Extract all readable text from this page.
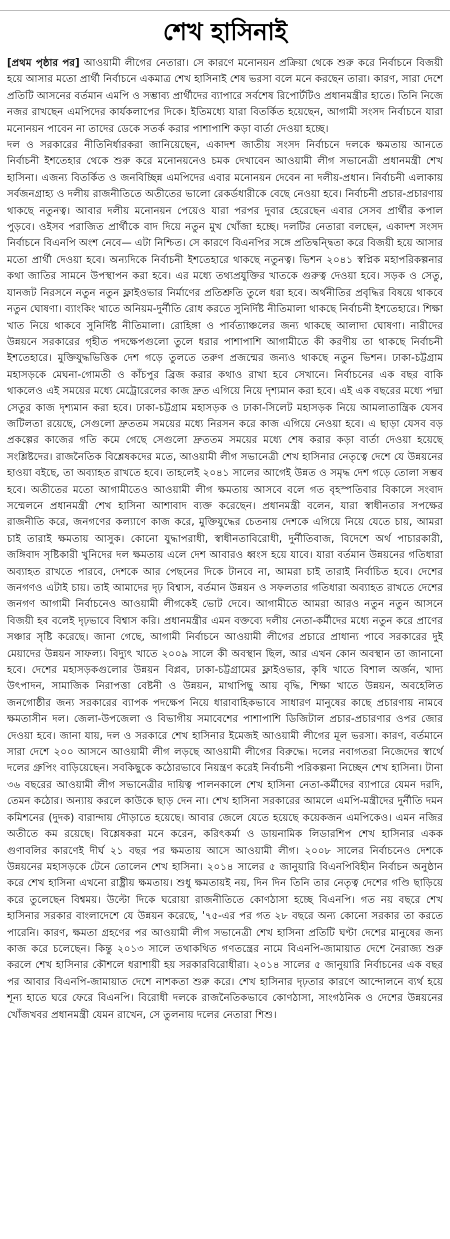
শেখ হাসিনাই

[প্রথম পৃষ্ঠার পর] আওয়ামী লীগের নেতারা। সে কারণে মনোনয়ন প্রক্রিয়া থেকে শুরু করে নির্বাচনে বিজয়ী হয়ে আসার মতো প্রার্থী নির্বাচনে একমাত্র শেখ হাসিনাই শেষ ভরসা বলে মনে করছেন তারা। কারণ, সারা দেশে প্রতিটি আসনের বর্তমান এমপি ও সম্ভাব্য প্রার্থীদের ব্যাপারে সর্বশেষ রিপোর্টটিও প্রধানমন্ত্রীর হাতে। তিনি নিজে নজর রাখছেন এমপিদের কার্যকলাপের দিকে। ইতিমধ্যে যারা বিতর্কিত হয়েছেন, আগামী সংসদ নির্বাচনে যারা মনোনয়ন পাবেন না তাদের ডেকে সতর্ক করার পাশাপাশি কড়া বার্তা দেওয়া হচ্ছে।

দল ও সরকারের নীতিনির্ধারকরা জানিয়েছেন, একাদশ জাতীয় সংসদ নির্বাচনে দলকে ক্ষমতায় আনতে নির্বাচনী ইশতেহার থেকে শুরু করে মনোনয়নেও চমক দেখাবেন আওয়ামী লীগ সভানেত্রী প্রধানমন্ত্রী শেখ হাসিনা। এজন্য বিতর্কিত ও জনবিচ্ছিন্ন এমপিদের এবার মনোনয়ন দেবেন না দলীয়-প্রধান। নির্বাচনী এলাকায় সর্বজনগ্রাহ্য ও দলীয় রাজনীতিতে অতীতের ভালো রেকর্ডধারীকে বেছে নেওয়া হবে। নির্বাচনী প্রচার-প্রচারণায় থাকছে নতুনত্ব। আবার দলীয় মনোনয়ন পেয়েও যারা পরপর দুবার হেরেছেন এবার সেসব প্রার্থীর কপাল পুড়বে। ওইসব পরাজিত প্রার্থীকে বাদ দিয়ে নতুন মুখ খোঁজা হচ্ছে। দলটির নেতারা বলছেন, একাদশ সংসদ নির্বাচনে বিএনপি অংশ নেবে— এটা নিশ্চিত। সে কারণে বিএনপির সঙ্গে প্রতিদ্বন্দ্বিতা করে বিজয়ী হয়ে আসার মতো প্রার্থী দেওয়া হবে। অন্যদিকে নির্বাচনী ইশতেহারে থাকছে নতুনত্ব। ভিশন ২০৪১ স্বপ্নিক মহাপরিকল্পনার কথা জাতির সামনে উপস্থাপন করা হবে। এর মধ্যে তথ্যপ্রযুক্তির খাতকে গুরুত্ব দেওয়া হবে। সড়ক ও সেতু, যানজট নিরসনে নতুন নতুন ফ্লাইওভার নির্মাণের প্রতিশ্রুতি তুলে ধরা হবে। অর্থনীতির প্রবৃদ্ধির বিষয়ে থাকবে নতুন ঘোষণা। ব্যাংকিং খাতে অনিয়ম-দুর্নীতি রোধ করতে সুনির্দিষ্ট নীতিমালা থাকছে নির্বাচনী ইশতেহারে। শিক্ষা খাত নিয়ে থাকবে সুনির্দিষ্ট নীতিমালা। রোহিঙ্গা ও পার্বত্যাঞ্চলের জন্য থাকছে আলাদা ঘোষণা। নারীদের উন্নয়নে সরকারের গৃহীত পদক্ষেপগুলো তুলে ধরার পাশাপাশি আগামীতে কী করণীয় তা থাকছে নির্বাচনী ইশতেহারে। মুক্তিযুদ্ধভিত্তিক দেশ গড়ে তুলতে তরুণ প্রজন্মের জন্যও থাকছে নতুন ভিশন। ঢাকা-চট্টগ্রাম মহাসড়কে মেঘনা-গোমতী ও কাঁচপুর ব্রিজ করার কথাও রাখা হবে সেখানে। নির্বাচনের এক বছর বাকি থাকলেও এই সময়ের মধ্যে মেট্রোরেলের কাজ দ্রুত এগিয়ে নিয়ে দৃশ্যমান করা হবে। এই এক বছরের মধ্যে পদ্মা সেতুর কাজ দৃশ্যমান করা হবে। ঢাকা-চট্টগ্রাম মহাসড়ক ও ঢাকা-সিলেট মহাসড়ক নিয়ে আমলাতান্ত্রিক যেসব জটিলতা রয়েছে, সেগুলো দ্রুততম সময়ের মধ্যে নিরসন করে কাজ এগিয়ে নেওয়া হবে। এ ছাড়া যেসব বড় প্রকল্পের কাজের গতি কমে গেছে সেগুলো দ্রুততম সময়ের মধ্যে শেষ করার কড়া বার্তা দেওয়া হয়েছে সংশ্লিষ্টদের। রাজনৈতিক বিশ্লেষকদের মতে, আওয়ামী লীগ সভানেত্রী শেখ হাসিনার নেতৃত্বে দেশে যে উন্নয়নের হাওয়া বইছে, তা অব্যাহত রাখতে হবে। তাহলেই ২০৪১ সালের আগেই উন্নত ও সমৃদ্ধ দেশ গড়ে তোলা সম্ভব হবে। অতীতের মতো আগামীতেও আওয়ামী লীগ ক্ষমতায় আসবে বলে গত বৃহস্পতিবার বিকালে সংবাদ সম্মেলনে প্রধানমন্ত্রী শেখ হাসিনা আশাবাদ ব্যক্ত করেছেন। প্রধানমন্ত্রী বলেন, যারা স্বাধীনতার সপক্ষের রাজনীতি করে, জনগণের কল্যাণে কাজ করে, মুক্তিযুদ্ধের চেতনায় দেশকে এগিয়ে নিয়ে যেতে চায়, আমরা চাই তারাই ক্ষমতায় আসুক। কোনো যুদ্ধাপরাধী, স্বাধীনতাবিরোধী, দুর্নীতিবাজ, বিদেশে অর্থ পাচারকারী, জঙ্গিবাদ সৃষ্টিকারী খুনিদের দল ক্ষমতায় এলে দেশ আবারও ধ্বংস হয়ে যাবে। যারা বর্তমান উন্নয়নের গতিধারা অব্যাহত রাখতে পারবে, দেশকে আর পেছনের দিকে টানবে না, আমরা চাই তারাই নির্বাচিত হবে। দেশের জনগণও এটাই চায়। তাই আমাদের দৃঢ় বিশ্বাস, বর্তমান উন্নয়ন ও সফলতার গতিধারা অব্যাহত রাখতে দেশের জনগণ আগামী নির্বাচনেও আওয়ামী লীগকেই ভোট দেবে। আগামীতে আমরা আরও নতুন নতুন আসনে বিজয়ী হব বলেই দৃঢ়ভাবে বিশ্বাস করি। প্রধানমন্ত্রীর এমন বক্তব্যে দলীয় নেতা-কর্মীদের মধ্যে নতুন করে প্রাণের সঞ্চার সৃষ্টি করেছে। জানা গেছে, আগামী নির্বাচনে আওয়ামী লীগের প্রচারে প্রাধান্য পাবে সরকারের দুই মেয়াদের উন্নয়ন সাফল্য। বিদ্যুৎ খাতে ২০০৯ সালে কী অবস্থান ছিল, আর এখন কোন অবস্থান তা জানানো হবে। দেশের মহাসড়কগুলোর উন্নয়ন বিপ্লব, ঢাকা-চট্টগ্রামের ফ্লাইওভার, কৃষি খাতে বিশাল অর্জন, খাদ্য উৎপাদন, সামাজিক নিরাপত্তা বেষ্টনী ও উন্নয়ন, মাথাপিছু আয় বৃদ্ধি, শিক্ষা খাতে উন্নয়ন, অবহেলিত জনগোষ্ঠীর জন্য সরকারের ব্যাপক পদক্ষেপ নিয়ে ধারাবাহিকভাবে সাধারণ মানুষের কাছে প্রচারণায় নামবে ক্ষমতাসীন দল। জেলা-উপজেলা ও বিভাগীয় সমাবেশের পাশাপাশি ডিজিটাল প্রচার-প্রচারণার ওপর জোর দেওয়া হবে। জানা যায়, দল ও সরকারে শেখ হাসিনার ইমেজই আওয়ামী লীগের মূল ভরসা। কারণ, বর্তমানে সারা দেশে ২০০ আসনে আওয়ামী লীগ লড়ছে আওয়ামী লীগের বিরুদ্ধে। দলের নবাগতরা নিজেদের স্বার্থে দলের গ্রুপিং বাড়িয়েছেন। সবকিছুকে কঠোরভাবে নিয়ন্ত্রণ করেই নির্বাচনী পরিকল্পনা নিচ্ছেন শেখ হাসিনা। টানা ৩৬ বছরের আওয়ামী লীগ সভানেত্রীর দায়িত্ব পালনকালে শেখ হাসিনা নেতা-কর্মীদের ব্যাপারে যেমন দরদি, তেমন কঠোর। অন্যায় করলে কাউকে ছাড় দেন না। শেখ হাসিনা সরকারের আমলে এমপি-মন্ত্রীদের দুর্নীতি দমন কমিশনের (দুদক) বারান্দায় দৌড়াতে হয়েছে। আবার জেলে যেতে হয়েছে কয়েকজন এমপিকেও। এমন নজির অতীতে কম রয়েছে। বিশ্লেষকরা মনে করেন, করিৎকর্মা ও ডায়নামিক লিডারশিপ শেখ হাসিনার একক গুণাবলির কারণেই দীর্ঘ ২১ বছর পর ক্ষমতায় আসে আওয়ামী লীগ। ২০০৮ সালের নির্বাচনেও দেশকে উন্নয়নের মহাসড়কে টেনে তোলেন শেখ হাসিনা। ২০১৪ সালের ৫ জানুয়ারি বিএনপিবিহীন নির্বাচন অনুষ্ঠান করে শেখ হাসিনা এখনো রাষ্ট্রীয় ক্ষমতায়। শুধু ক্ষমতায়ই নয়, দিন দিন তিনি তার নেতৃত্ব দেশের গণ্ডি ছাড়িয়ে করে তুলেছেন বিশ্বময়। উল্টো দিকে ঘরোয়া রাজনীতিতে কোণঠাসা হচ্ছে বিএনপি। গত নয় বছরে শেখ হাসিনার সরকার বাংলাদেশে যে উন্নয়ন করেছে, '৭৫-এর পর গত ২৮ বছরে অন্য কোনো সরকার তা করতে পারেনি। কারণ, ক্ষমতা গ্রহণের পর আওয়ামী লীগ সভানেত্রী শেখ হাসিনা প্রতিটি ঘণ্টা দেশের মানুষের জন্য কাজ করে চলেছেন। কিন্তু ২০১৩ সালে তথাকথিত গণতন্ত্রের নামে বিএনপি-জামায়াত দেশে নৈরাজ্য শুরু করলে শেখ হাসিনার কৌশলে ধরাশায়ী হয় সরকারবিরোধীরা। ২০১৪ সালের ৫ জানুয়ারি নির্বাচনের এক বছর পর আবার বিএনপি-জামায়াত দেশে নাশকতা শুরু করে। শেখ হাসিনার দৃঢ়তার কারণে আন্দোলনে ব্যর্থ হয়ে শূন্য হাতে ঘরে ফেরে বিএনপি। বিরোধী দলকে রাজনৈতিকভাবে কোণঠাসা, সাংগঠনিক ও দেশের উন্নয়নের খোঁজখবর প্রধানমন্ত্রী যেমন রাখেন, সে তুলনায় দলের নেতারা শিশু।
